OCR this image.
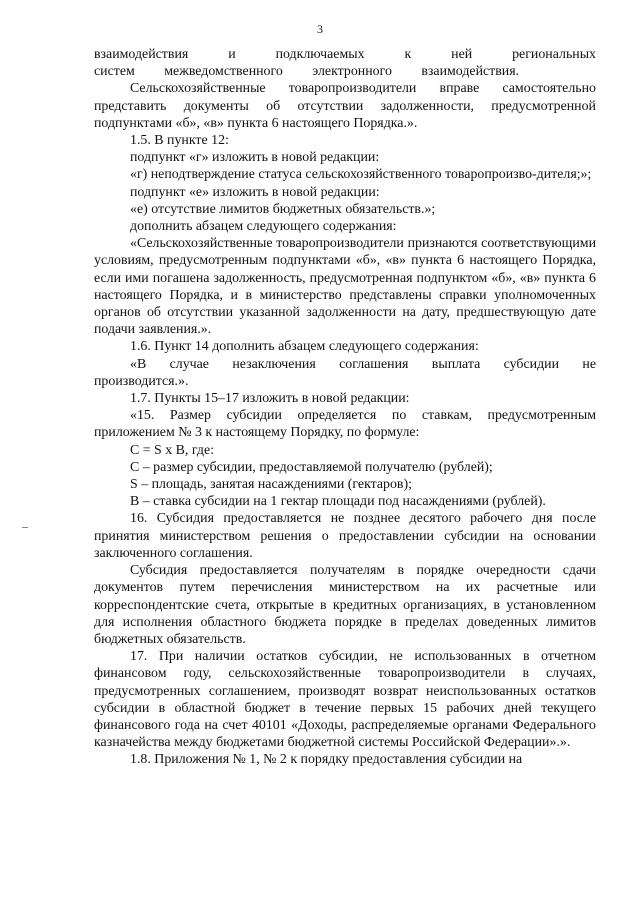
3

взаимодействия и подключаемых к ней региональных систем межведомственного электронного взаимодействия.

Сельскохозяйственные товаропроизводители вправе самостоятельно представить документы об отсутствии задолженности, предусмотренной подпунктами «б», «в» пункта 6 настоящего Порядка.».

1.5. В пункте 12:

подпункт «г» изложить в новой редакции:

«г) неподтверждение статуса сельскохозяйственного товаропроизво-дителя;»;

подпункт «е» изложить в новой редакции:

«е) отсутствие лимитов бюджетных обязательств.»;

дополнить абзацем следующего содержания:

«Сельскохозяйственные товаропроизводители признаются соответствующими условиям, предусмотренным подпунктами «б», «в» пункта 6 настоящего Порядка, если ими погашена задолженность, предусмотренная подпунктом «б», «в» пункта 6 настоящего Порядка, и в министерство представлены справки уполномоченных органов об отсутствии указанной задолженности на дату, предшествующую дате подачи заявления.».

1.6. Пункт 14 дополнить абзацем следующего содержания:

«В случае незаключения соглашения выплата субсидии не производится.».

1.7. Пункты 15–17 изложить в новой редакции:

«15. Размер субсидии определяется по ставкам, предусмотренным приложением № 3 к настоящему Порядку, по формуле:

C = S x B, где:

C – размер субсидии, предоставляемой получателю (рублей);

S – площадь, занятая насаждениями (гектаров);

B – ставка субсидии на 1 гектар площади под насаждениями (рублей).

16. Субсидия предоставляется не позднее десятого рабочего дня после принятия министерством решения о предоставлении субсидии на основании заключенного соглашения.

Субсидия предоставляется получателям в порядке очередности сдачи документов путем перечисления министерством на их расчетные или корреспондентские счета, открытые в кредитных организациях, в установленном для исполнения областного бюджета порядке в пределах доведенных лимитов бюджетных обязательств.

17. При наличии остатков субсидии, не использованных в отчетном финансовом году, сельскохозяйственные товаропроизводители в случаях, предусмотренных соглашением, производят возврат неиспользованных остатков субсидии в областной бюджет в течение первых 15 рабочих дней текущего финансового года на счет 40101 «Доходы, распределяемые органами Федерального казначейства между бюджетами бюджетной системы Российской Федерации».».

1.8. Приложения № 1, № 2 к порядку предоставления субсидии на
